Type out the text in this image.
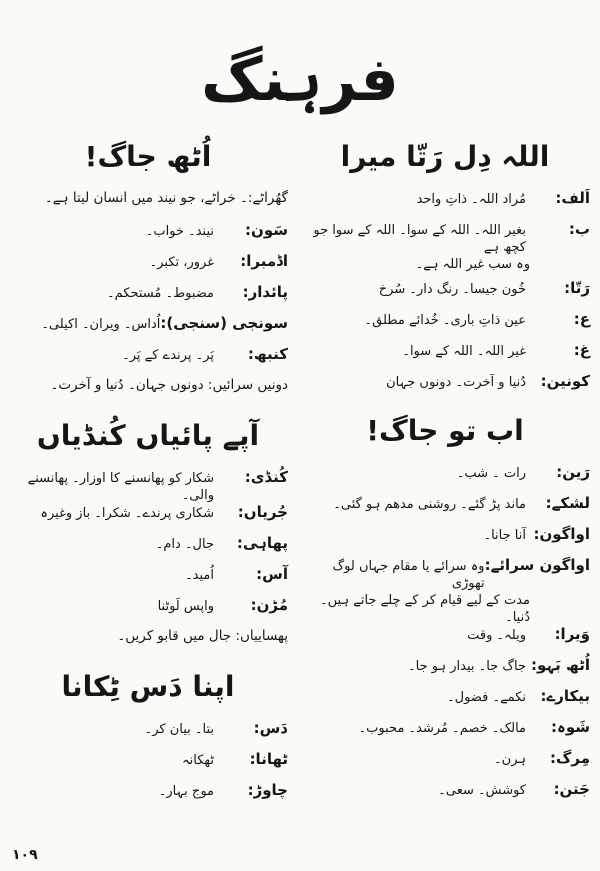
فرہنگ
اللہ دِل رَتّا میرا
اَلف:
مُراد اللہ۔ ذاتِ واحد
ب:
بغیر اللہ۔ اللہ کے سوا۔ اللہ کے سوا جو کچھ ہے
وہ سب غیر اللہ ہے۔
رَتّا:
خُون جیسا۔ رنگ دار۔ سُرخ
ع:
عین ذاتِ باری۔ خُدائے مطلق۔
غ:
غیر اللہ۔ اللہ کے سوا۔
کونین:
دُنیا و آخرت۔ دونوں جہان
اب تو جاگ!
رَین:
رات ۔ شب۔
لشکے:
ماند پڑ گئے۔ روشنی مدھم ہو گئی۔
اواگون:
آنا جانا۔
اواگون سرائے:
وہ سرائے یا مقام جہاں لوگ تھوڑی
مدت کے لیے قیام کر کے چلے جاتے ہیں۔ دُنیا۔
وَیرا:
ویلہ۔ وقت
اُٹھ بَہو:
جاگ جا۔ بیدار ہو جا۔
بیکارے:
نکمے۔ فضول۔
شَوہ:
مالک۔ خصم۔ مُرشد۔ محبوب۔
مِرگ:
ہرن۔
جَتن:
کوشش۔ سعی۔
اُٹھ جاگ!
گھُراٹے:۔ خراٹے، جو نیند میں انسان لیتا ہے۔
سَون:
نیند۔ خواب۔
اڈمبرا:
غرور، تکبر۔
پائدار:
مضبوط۔ مُستحکم۔
سونجی (سنجی):
اُداس۔ ویران۔ اکیلی۔
کنبھ:
پَر۔ پرندے کے پَر۔
دونیں سرائیں: دونوں جہان۔ دُنیا و آخرت۔
آپے پائیاں کُنڈیاں
کُنڈی:
شکار کو پھانسنے کا اوزار۔ پھانسنے والی۔
جُریاں:
شکاری پرندے۔ شکرا۔ باز وغیرہ
پھاہی:
جال۔ دام۔
آس:
اُمید۔
مُڑن:
واپس لَوٹنا
پھساییاں: جال میں قابو کریں۔
اپنا دَس ٹِکانا
دَس:
بتا۔ بیان کر۔
ٹھانا:
ٹھکانہ
چاوڑ:
موج بہار۔
۱۰۹
